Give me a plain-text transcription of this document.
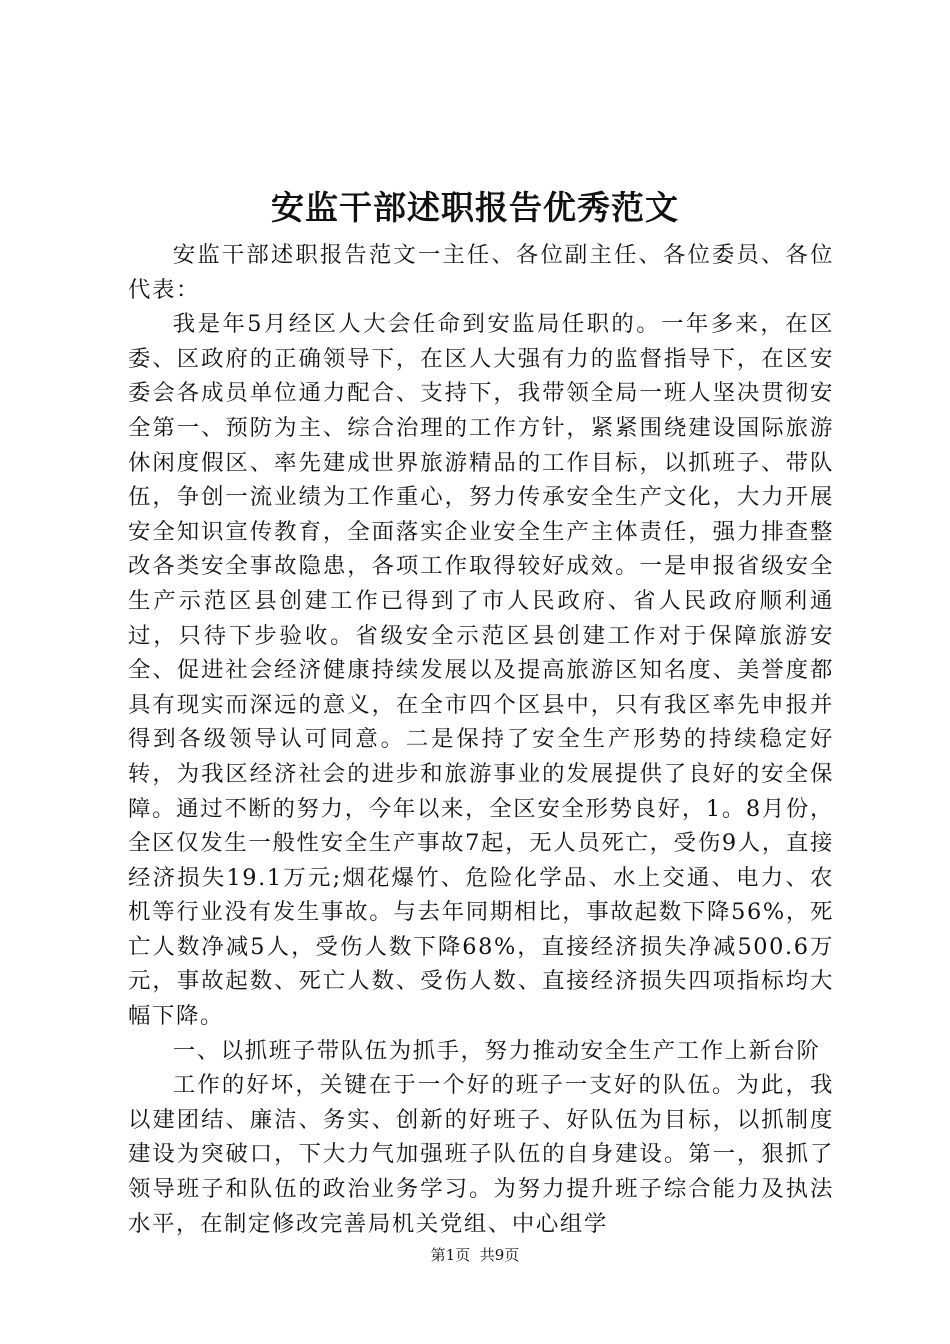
安监干部述职报告优秀范文

安监干部述职报告范文一主任、各位副主任、各位委员、各位代表：

我是年5月经区人大会任命到安监局任职的。一年多来，在区委、区政府的正确领导下，在区人大强有力的监督指导下，在区安委会各成员单位通力配合、支持下，我带领全局一班人坚决贯彻安全第一、预防为主、综合治理的工作方针，紧紧围绕建设国际旅游休闲度假区、率先建成世界旅游精品的工作目标，以抓班子、带队伍，争创一流业绩为工作重心，努力传承安全生产文化，大力开展安全知识宣传教育，全面落实企业安全生产主体责任，强力排查整改各类安全事故隐患，各项工作取得较好成效。一是申报省级安全生产示范区县创建工作已得到了市人民政府、省人民政府顺利通过，只待下步验收。省级安全示范区县创建工作对于保障旅游安全、促进社会经济健康持续发展以及提高旅游区知名度、美誉度都具有现实而深远的意义，在全市四个区县中，只有我区率先申报并得到各级领导认可同意。二是保持了安全生产形势的持续稳定好转，为我区经济社会的进步和旅游事业的发展提供了良好的安全保障。通过不断的努力，今年以来，全区安全形势良好，1。8月份，全区仅发生一般性安全生产事故7起，无人员死亡，受伤9人，直接经济损失19.1万元;烟花爆竹、危险化学品、水上交通、电力、农机等行业没有发生事故。与去年同期相比，事故起数下降56%，死亡人数净减5人，受伤人数下降68%，直接经济损失净减500.6万元，事故起数、死亡人数、受伤人数、直接经济损失四项指标均大幅下降。

一、以抓班子带队伍为抓手，努力推动安全生产工作上新台阶

工作的好坏，关键在于一个好的班子一支好的队伍。为此，我以建团结、廉洁、务实、创新的好班子、好队伍为目标，以抓制度建设为突破口，下大力气加强班子队伍的自身建设。第一，狠抓了领导班子和队伍的政治业务学习。为努力提升班子综合能力及执法水平，在制定修改完善局机关党组、中心组学

第1页 共9页
